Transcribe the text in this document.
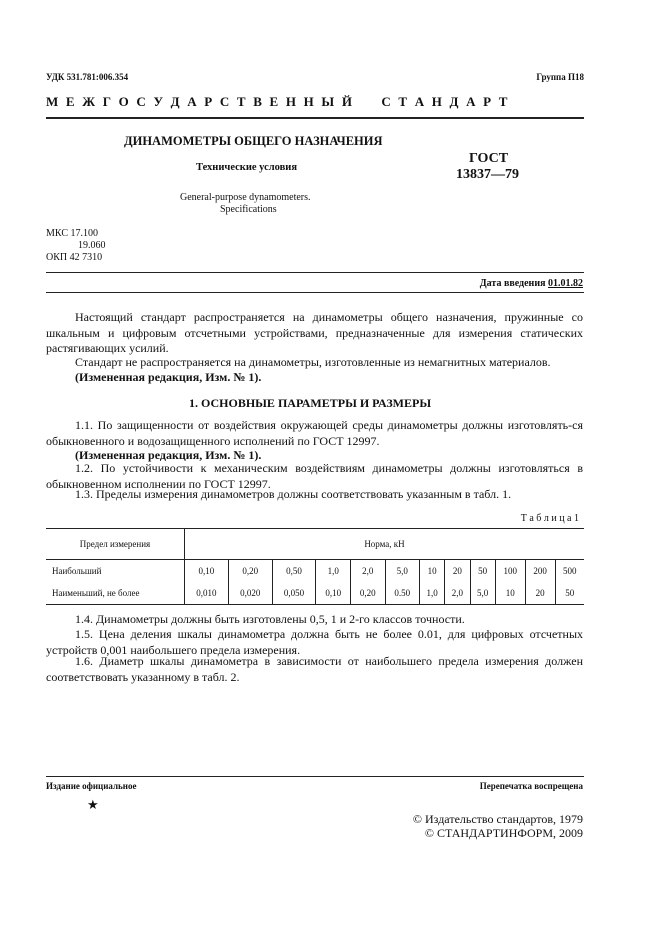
УДК 531.781:006.354	Группа П18
М Е Ж Г О С У Д А Р С Т В Е Н Н Ы Й     С Т А Н Д А Р Т
ДИНАМОМЕТРЫ ОБЩЕГО НАЗНАЧЕНИЯ
Технические условия
General-purpose dynamometers.
Specifications
ГОСТ
13837—79
МКС 17.100
19.060
ОКП 42 7310
Дата введения 01.01.82
Настоящий стандарт распространяется на динамометры общего назначения, пружинные со шкальным и цифровым отсчетными устройствами, предназначенные для измерения статических растягивающих усилий.
Стандарт не распространяется на динамометры, изготовленные из немагнитных материалов.
(Измененная редакция, Изм. № 1).
1. ОСНОВНЫЕ ПАРАМЕТРЫ И РАЗМЕРЫ
1.1. По защищенности от воздействия окружающей среды динамометры должны изготовлять-ся обыкновенного и водозащищенного исполнений по ГОСТ 12997.
(Измененная редакция, Изм. № 1).
1.2. По устойчивости к механическим воздействиям динамометры должны изготовляться в обыкновенном исполнении по ГОСТ 12997.
1.3. Пределы измерения динамометров должны соответствовать указанным в табл. 1.
Т а б л и ц а 1
Предел измерения	Норма, кН											
Наибольший	0,10	0,20	0,50	1,0	2,0	5,0	10	20	50	100	200	500
Наименьший, не более	0,010	0,020	0,050	0,10	0,20	0.50	1,0	2,0	5,0	10	20	50
1.4. Динамометры должны быть изготовлены 0,5, 1 и 2-го классов точности.
1.5. Цена деления шкалы динамометра должна быть не более 0.01, для цифровых отсчетных устройств 0,001 наибольшего предела измерения.
1.6. Диаметр шкалы динамометра в зависимости от наибольшего предела измерения должен соответствовать указанному в табл. 2.
Издание официальное	Перепечатка воспрещена
★
© Издательство стандартов, 1979
© СТАНДАРТИНФОРМ, 2009
